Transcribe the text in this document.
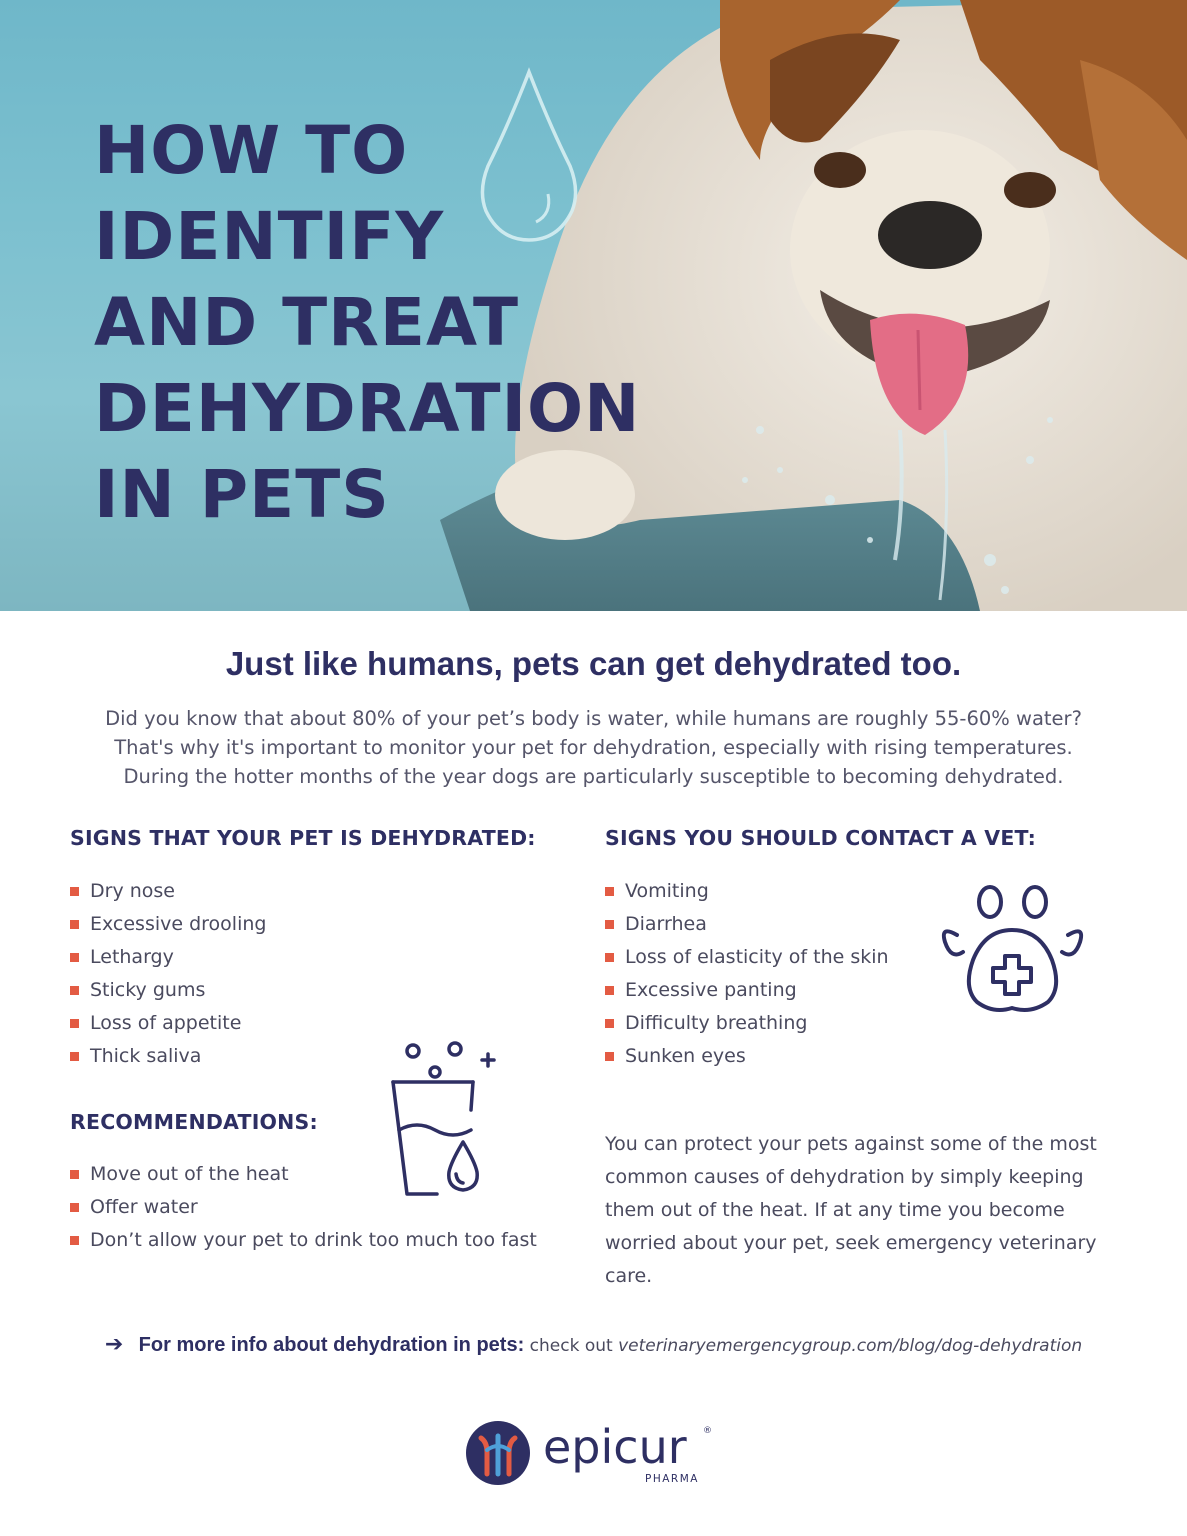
HOW TO
IDENTIFY
AND TREAT
DEHYDRATION
IN PETS
Just like humans, pets can get dehydrated too.

Did you know that about 80% of your pet’s body is water, while humans are roughly 55-60% water?
That's why it's important to monitor your pet for dehydration, especially with rising temperatures.
During the hotter months of the year dogs are particularly susceptible to becoming dehydrated.

SIGNS THAT YOUR PET IS DEHYDRATED:
Dry nose
Excessive drooling
Lethargy
Sticky gums
Loss of appetite
Thick saliva
SIGNS YOU SHOULD CONTACT A VET:
Vomiting
Diarrhea
Loss of elasticity of the skin
Excessive panting
Difficulty breathing
Sunken eyes
RECOMMENDATIONS:
Move out of the heat
Offer water
Don’t allow your pet to drink too much too fast

You can protect your pets against some of the most common causes of dehydration by simply keeping them out of the heat. If at any time you become worried about your pet, seek emergency veterinary care.

➔ For more info about dehydration in pets: check out veterinaryemergencygroup.com/blog/dog-dehydration
epicur ®
PHARMA
